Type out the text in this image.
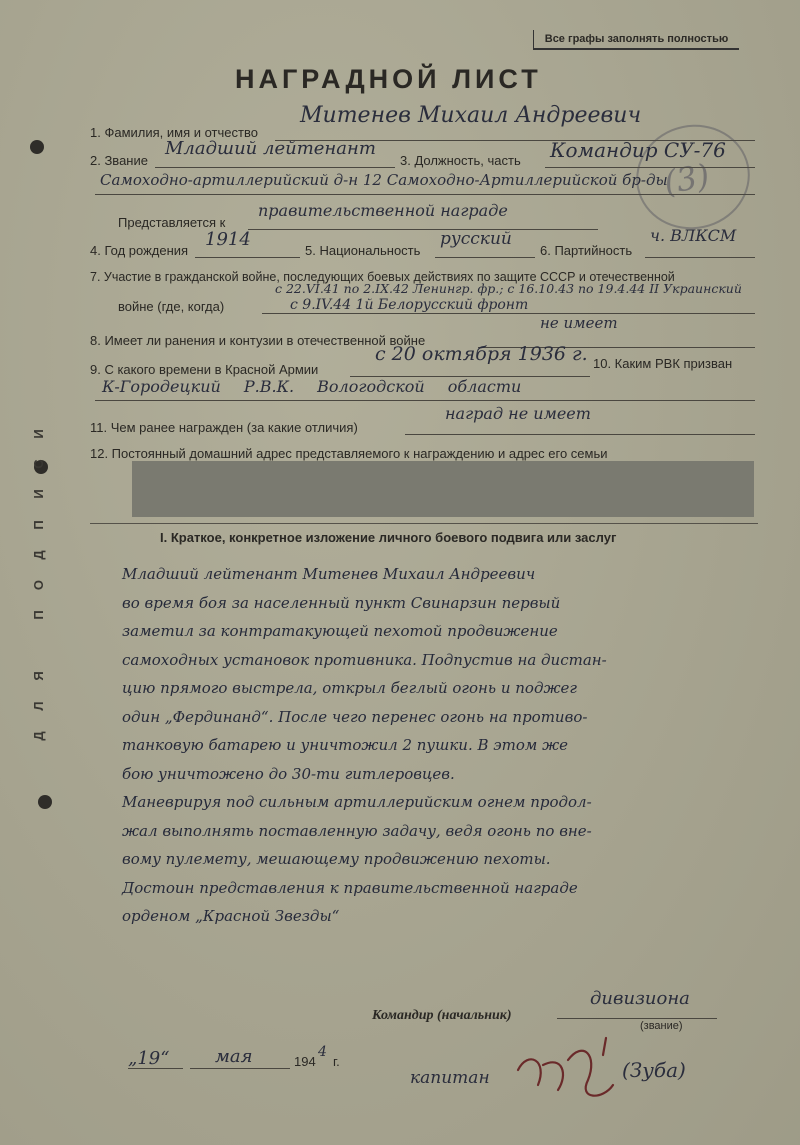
Д
Л
Я

П
О
Д
П
И
С
И
Все графы заполнять полностью
НАГРАДНОЙ ЛИСТ
(3)
1. Фамилия, имя и отчество
Митенев Михаил Андреевич
2. Звание
Младший лейтенант
3. Должность, часть Командир СУ-76
Самоходно-артиллерийский д-н 12 Самоходно-Артиллерийской бр-ды
Представляется к
правительственной награде
4. Год рождения
1914
5. Национальность
русский
6. Партийность
ч. ВЛКСМ
7. Участие в гражданской войне, последующих боевых действиях по защите СССР и отечественной
с 22.VI.41 по 2.IX.42 Ленингр. фр.; с 16.10.43 по 19.4.44 II Украинский
войне (где, когда)	с 9.IV.44 1й Белорусский фронт
8. Имеет ли ранения и контузии в отечественной войне
не имеет
9. С какого времени в Красной Армии
с 20 октября 1936 г. 10. Каким РВК призван
К-Городецкий Р.В.К. Вологодской области
11. Чем ранее награжден (за какие отличия)
наград не имеет
12. Постоянный домашний адрес представляемого к награждению и адрес его семьи
I. Краткое, конкретное изложение личного боевого подвига или заслуг
Младший лейтенант Митенев Михаил Андреевич
во время боя за населенный пункт Свинарзин первый
заметил за контратакующей пехотой продвижение
самоходных установок противника. Подпустив на дистан-
цию прямого выстрела, открыл беглый огонь и поджег
один „Фердинанд“. После чего перенес огонь на противо-
танковую батарею и уничтожил 2 пушки. В этом же
бою уничтожено до 30-ти гитлеровцев.
Маневрируя под сильным артиллерийским огнем продол-
жал выполнять поставленную задачу, ведя огонь по вне-
вому пулемету, мешающему продвижению пехоты.
Достоин представления к правительственной награде
орденом „Красной Звезды“
Командир (начальник)
дивизиона
(звание)
„19“	мая	194
4
г.
капитан	(Зуба)
